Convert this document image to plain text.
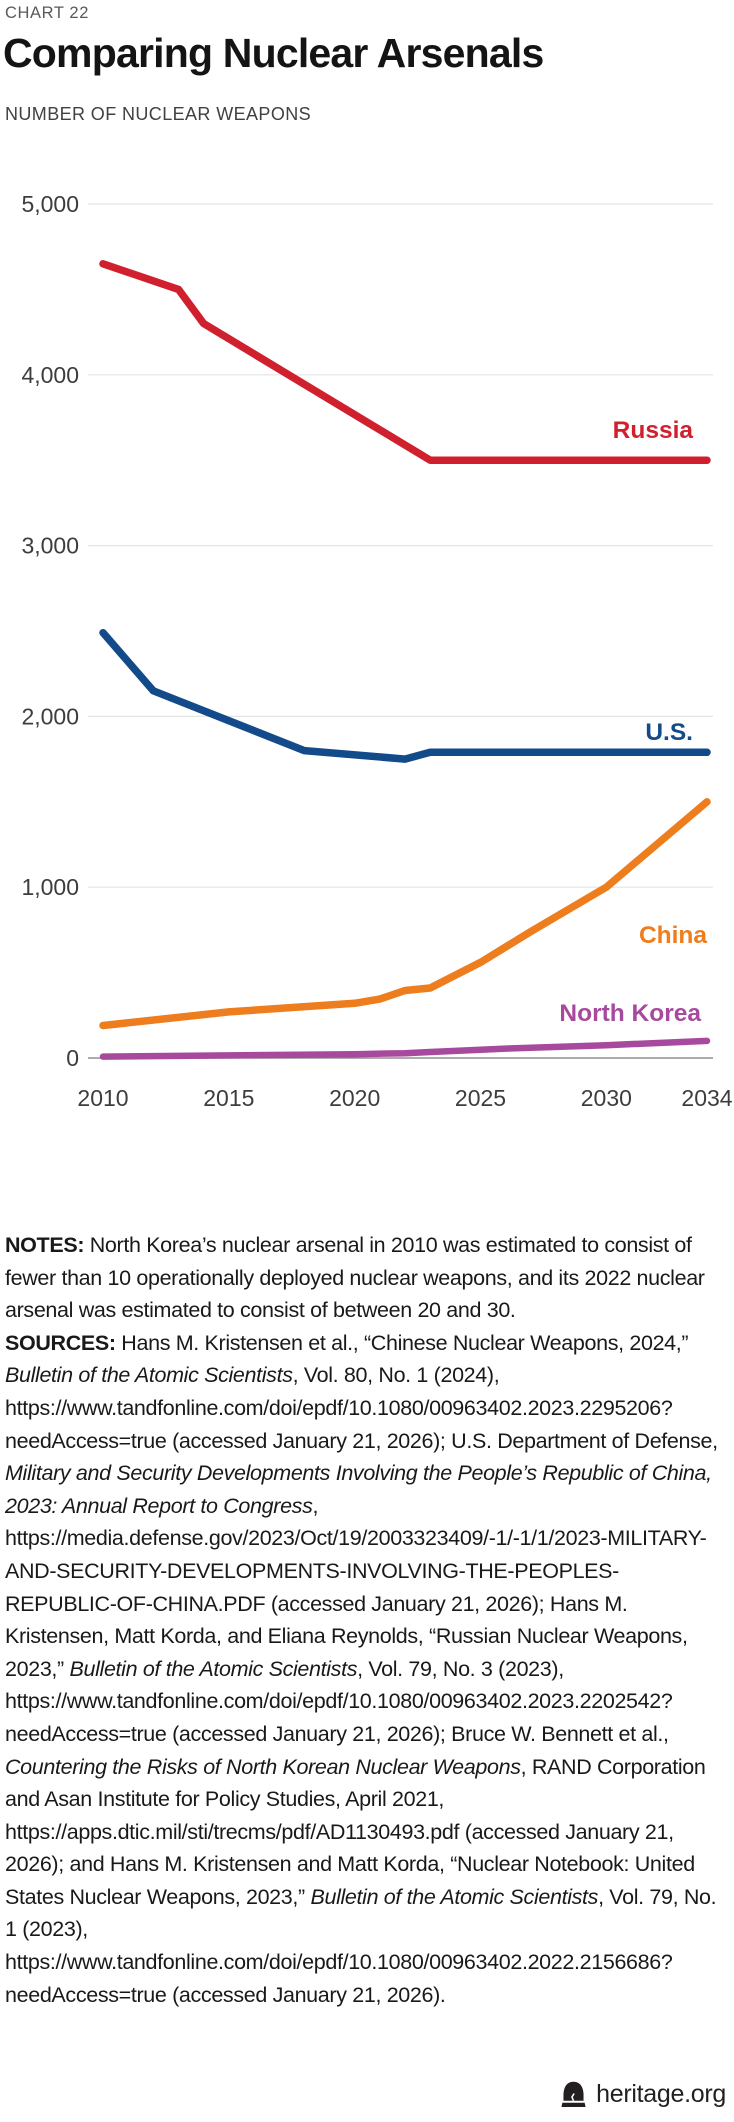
CHART 22
Comparing Nuclear Arsenals
NUMBER OF NUCLEAR WEAPONS
0
1,000
2,000
3,000
4,000
5,000
2010	2015	2020	2025	2030 2034
Russia
U.S.
China
North Korea

NOTES: North Korea’s nuclear arsenal in 2010 was estimated to consist of fewer than 10 operationally deployed nuclear weapons, and its 2022 nuclear arsenal was estimated to consist of between 20 and 30.

SOURCES: Hans M. Kristensen et al., “Chinese Nuclear Weapons, 2024,” Bulletin of the Atomic Scientists, Vol. 80, No. 1 (2024), https://www.tandfonline.com/doi/epdf/10.1080/00963402.2023.2295206?needAccess=true (accessed January 21, 2026); U.S. Department of Defense, Military and Security Developments Involving the People’s Republic of China, 2023: Annual Report to Congress, https://media.defense.gov/2023/Oct/19/2003323409/-1/-1/1/2023-MILITARY-AND-SECURITY-DEVELOPMENTS-INVOLVING-THE-PEOPLES-REPUBLIC-OF-CHINA.PDF (accessed January 21, 2026); Hans M. Kristensen, Matt Korda, and Eliana Reynolds, “Russian Nuclear Weapons, 2023,” Bulletin of the Atomic Scientists, Vol. 79, No. 3 (2023), https://www.tandfonline.com/doi/epdf/10.1080/00963402.2023.2202542?needAccess=true (accessed January 21, 2026); Bruce W. Bennett et al., Countering the Risks of North Korean Nuclear Weapons, RAND Corporation and Asan Institute for Policy Studies, April 2021, https://apps.dtic.mil/sti/trecms/pdf/AD1130493.pdf (accessed January 21, 2026); and Hans M. Kristensen and Matt Korda, “Nuclear Notebook: United States Nuclear Weapons, 2023,” Bulletin of the Atomic Scientists, Vol. 79, No. 1 (2023), https://www.tandfonline.com/doi/epdf/10.1080/00963402.2022.2156686?needAccess=true (accessed January 21, 2026).

heritage.org
